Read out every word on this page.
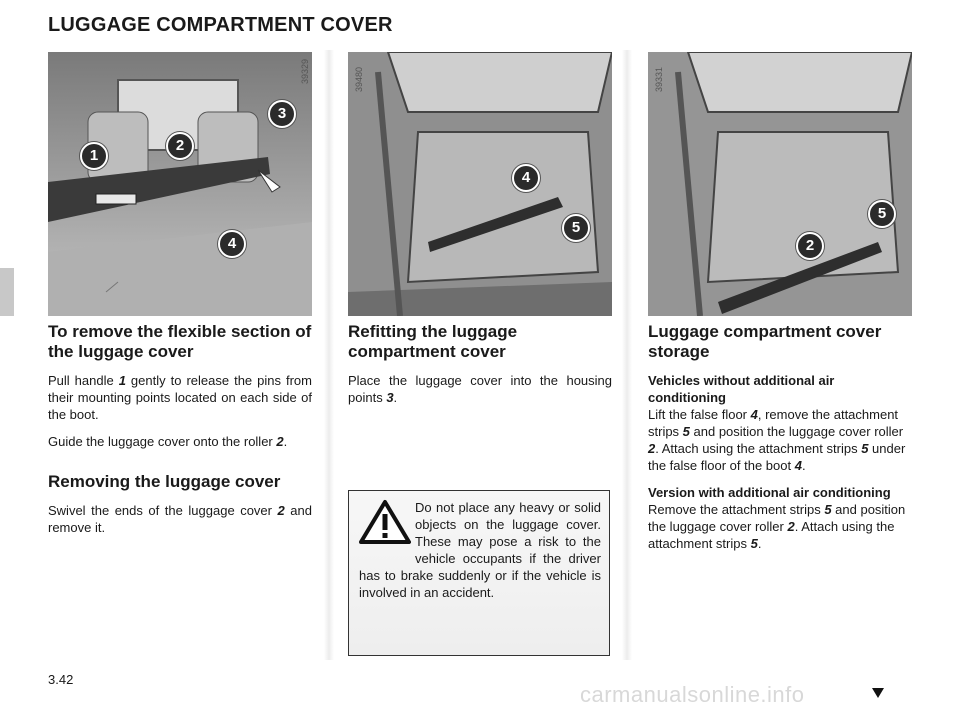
LUGGAGE COMPARTMENT COVER
39329
1
2
3
4
39480
4
5
39331
5
2
To remove the flexible section of the luggage cover

Pull handle 1 gently to release the pins from their mounting points located on each side of the boot.

Guide the luggage cover onto the roller 2.

Removing the luggage cover

Swivel the ends of the luggage cover 2 and remove it.

Refitting the luggage compartment cover

Place the luggage cover into the housing points 3.

Do not place any heavy or solid objects on the luggage cover. These may pose a risk to the vehicle occupants if the driver has to brake suddenly or if the vehicle is involved in an accident.
Luggage compartment cover storage

Vehicles without additional air conditioning
Lift the false floor 4, remove the attachment strips 5 and position the luggage cover roller 2. Attach using the attachment strips 5 under the false floor of the boot 4.

Version with additional air conditioning
Remove the attachment strips 5 and position the luggage cover roller 2. Attach using the attachment strips 5.

3.42
carmanualsonline.info
